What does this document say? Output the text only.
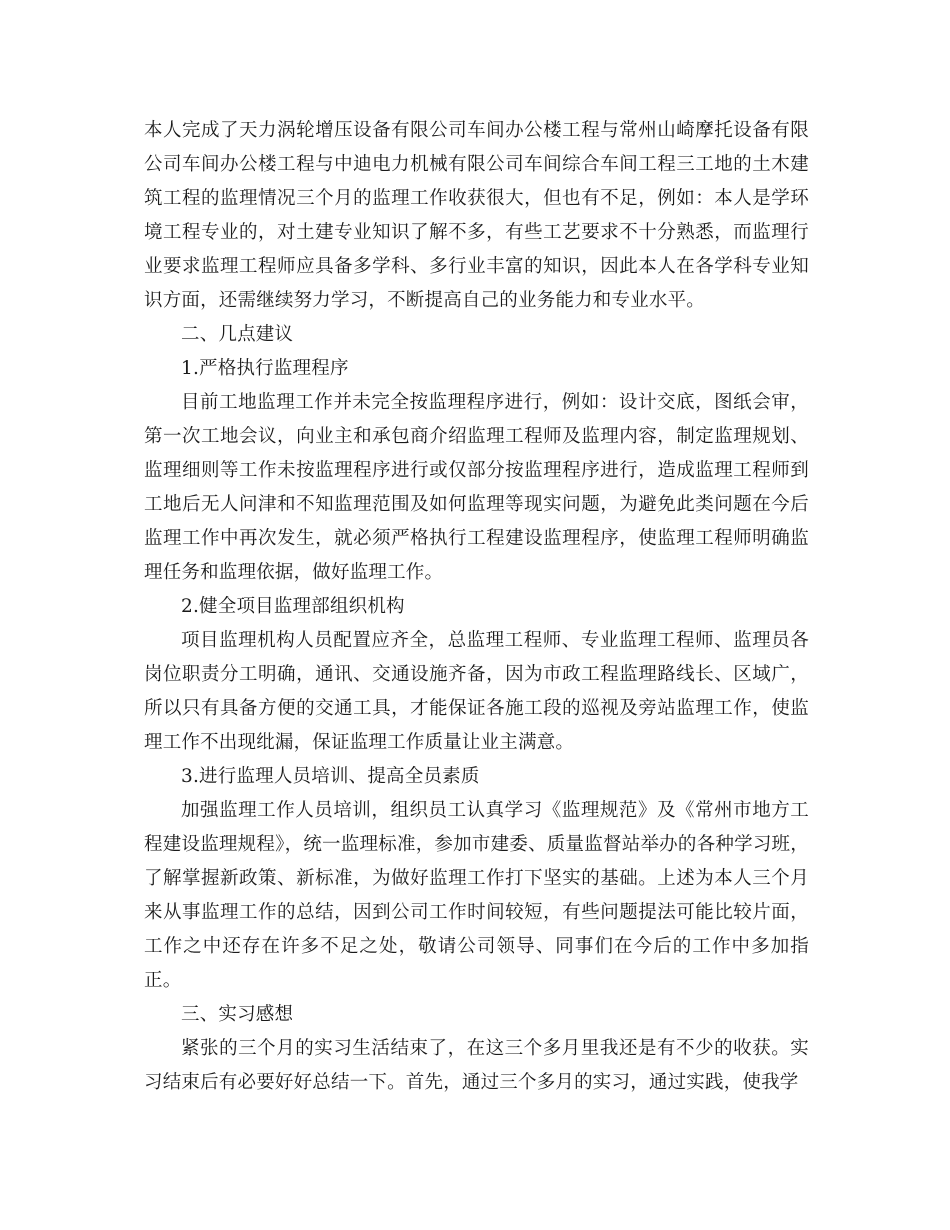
本人完成了天力涡轮增压设备有限公司车间办公楼工程与常州山崎摩托设备有限公司车间办公楼工程与中迪电力机械有限公司车间综合车间工程三工地的土木建筑工程的监理情况三个月的监理工作收获很大，但也有不足，例如：本人是学环境工程专业的，对土建专业知识了解不多，有些工艺要求不十分熟悉，而监理行业要求监理工程师应具备多学科、多行业丰富的知识，因此本人在各学科专业知识方面，还需继续努力学习，不断提高自己的业务能力和专业水平。

二、几点建议

1.严格执行监理程序

目前工地监理工作并未完全按监理程序进行，例如：设计交底，图纸会审，第一次工地会议，向业主和承包商介绍监理工程师及监理内容，制定监理规划、监理细则等工作未按监理程序进行或仅部分按监理程序进行，造成监理工程师到工地后无人问津和不知监理范围及如何监理等现实问题，为避免此类问题在今后监理工作中再次发生，就必须严格执行工程建设监理程序，使监理工程师明确监理任务和监理依据，做好监理工作。

2.健全项目监理部组织机构

项目监理机构人员配置应齐全，总监理工程师、专业监理工程师、监理员各岗位职责分工明确，通讯、交通设施齐备，因为市政工程监理路线长、区域广，所以只有具备方便的交通工具，才能保证各施工段的巡视及旁站监理工作，使监理工作不出现纰漏，保证监理工作质量让业主满意。

3.进行监理人员培训、提高全员素质

加强监理工作人员培训，组织员工认真学习《监理规范》及《常州市地方工程建设监理规程》，统一监理标准，参加市建委、质量监督站举办的各种学习班，了解掌握新政策、新标准，为做好监理工作打下坚实的基础。上述为本人三个月来从事监理工作的总结，因到公司工作时间较短，有些问题提法可能比较片面，工作之中还存在许多不足之处，敬请公司领导、同事们在今后的工作中多加指正。

三、实习感想

紧张的三个月的实习生活结束了，在这三个多月里我还是有不少的收获。实习结束后有必要好好总结一下。首先，通过三个多月的实习，通过实践，使我学
